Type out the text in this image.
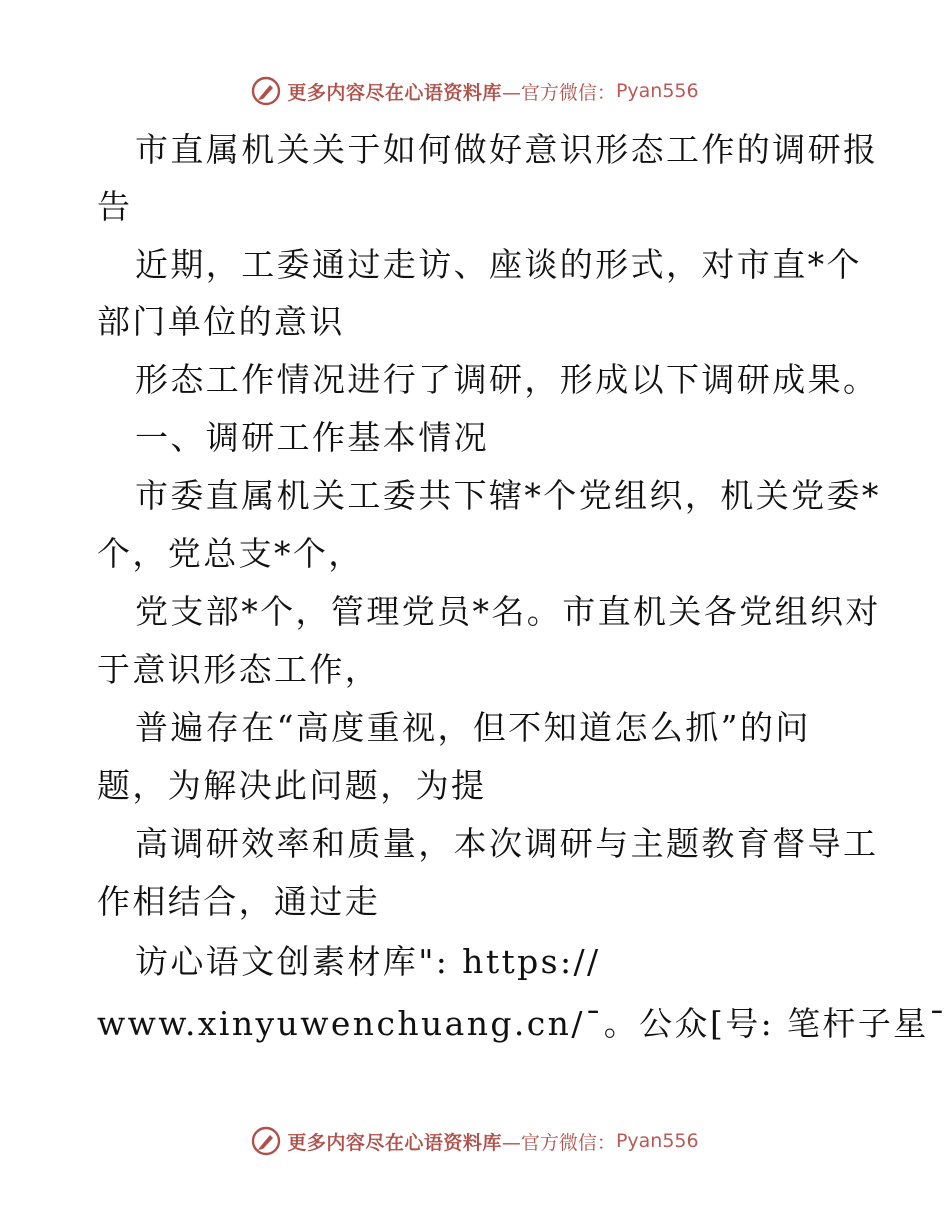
更多内容尽在心语资料库 —官方微信： Pyan556
市直属机关关于如何做好意识形态工作的调研报
告
近期，工委通过走访、座谈的形式，对市直*个
部门单位的意识
形态工作情况进行了调研，形成以下调研成果。
一、调研工作基本情况
市委直属机关工委共下辖*个党组织，机关党委*
个，党总支*个，
党支部*个，管理党员*名。市直机关各党组织对
于意识形态工作，
普遍存在“高度重视，但不知道怎么抓”的问
题，为解决此问题，为提
高调研效率和质量，本次调研与主题教育督导工
作相结合，通过走
访心语文创素材库": https://
www.xinyuwenchuang.cn/¯。公众[号: 笔杆子星¯
更多内容尽在心语资料库 —官方微信： Pyan556
